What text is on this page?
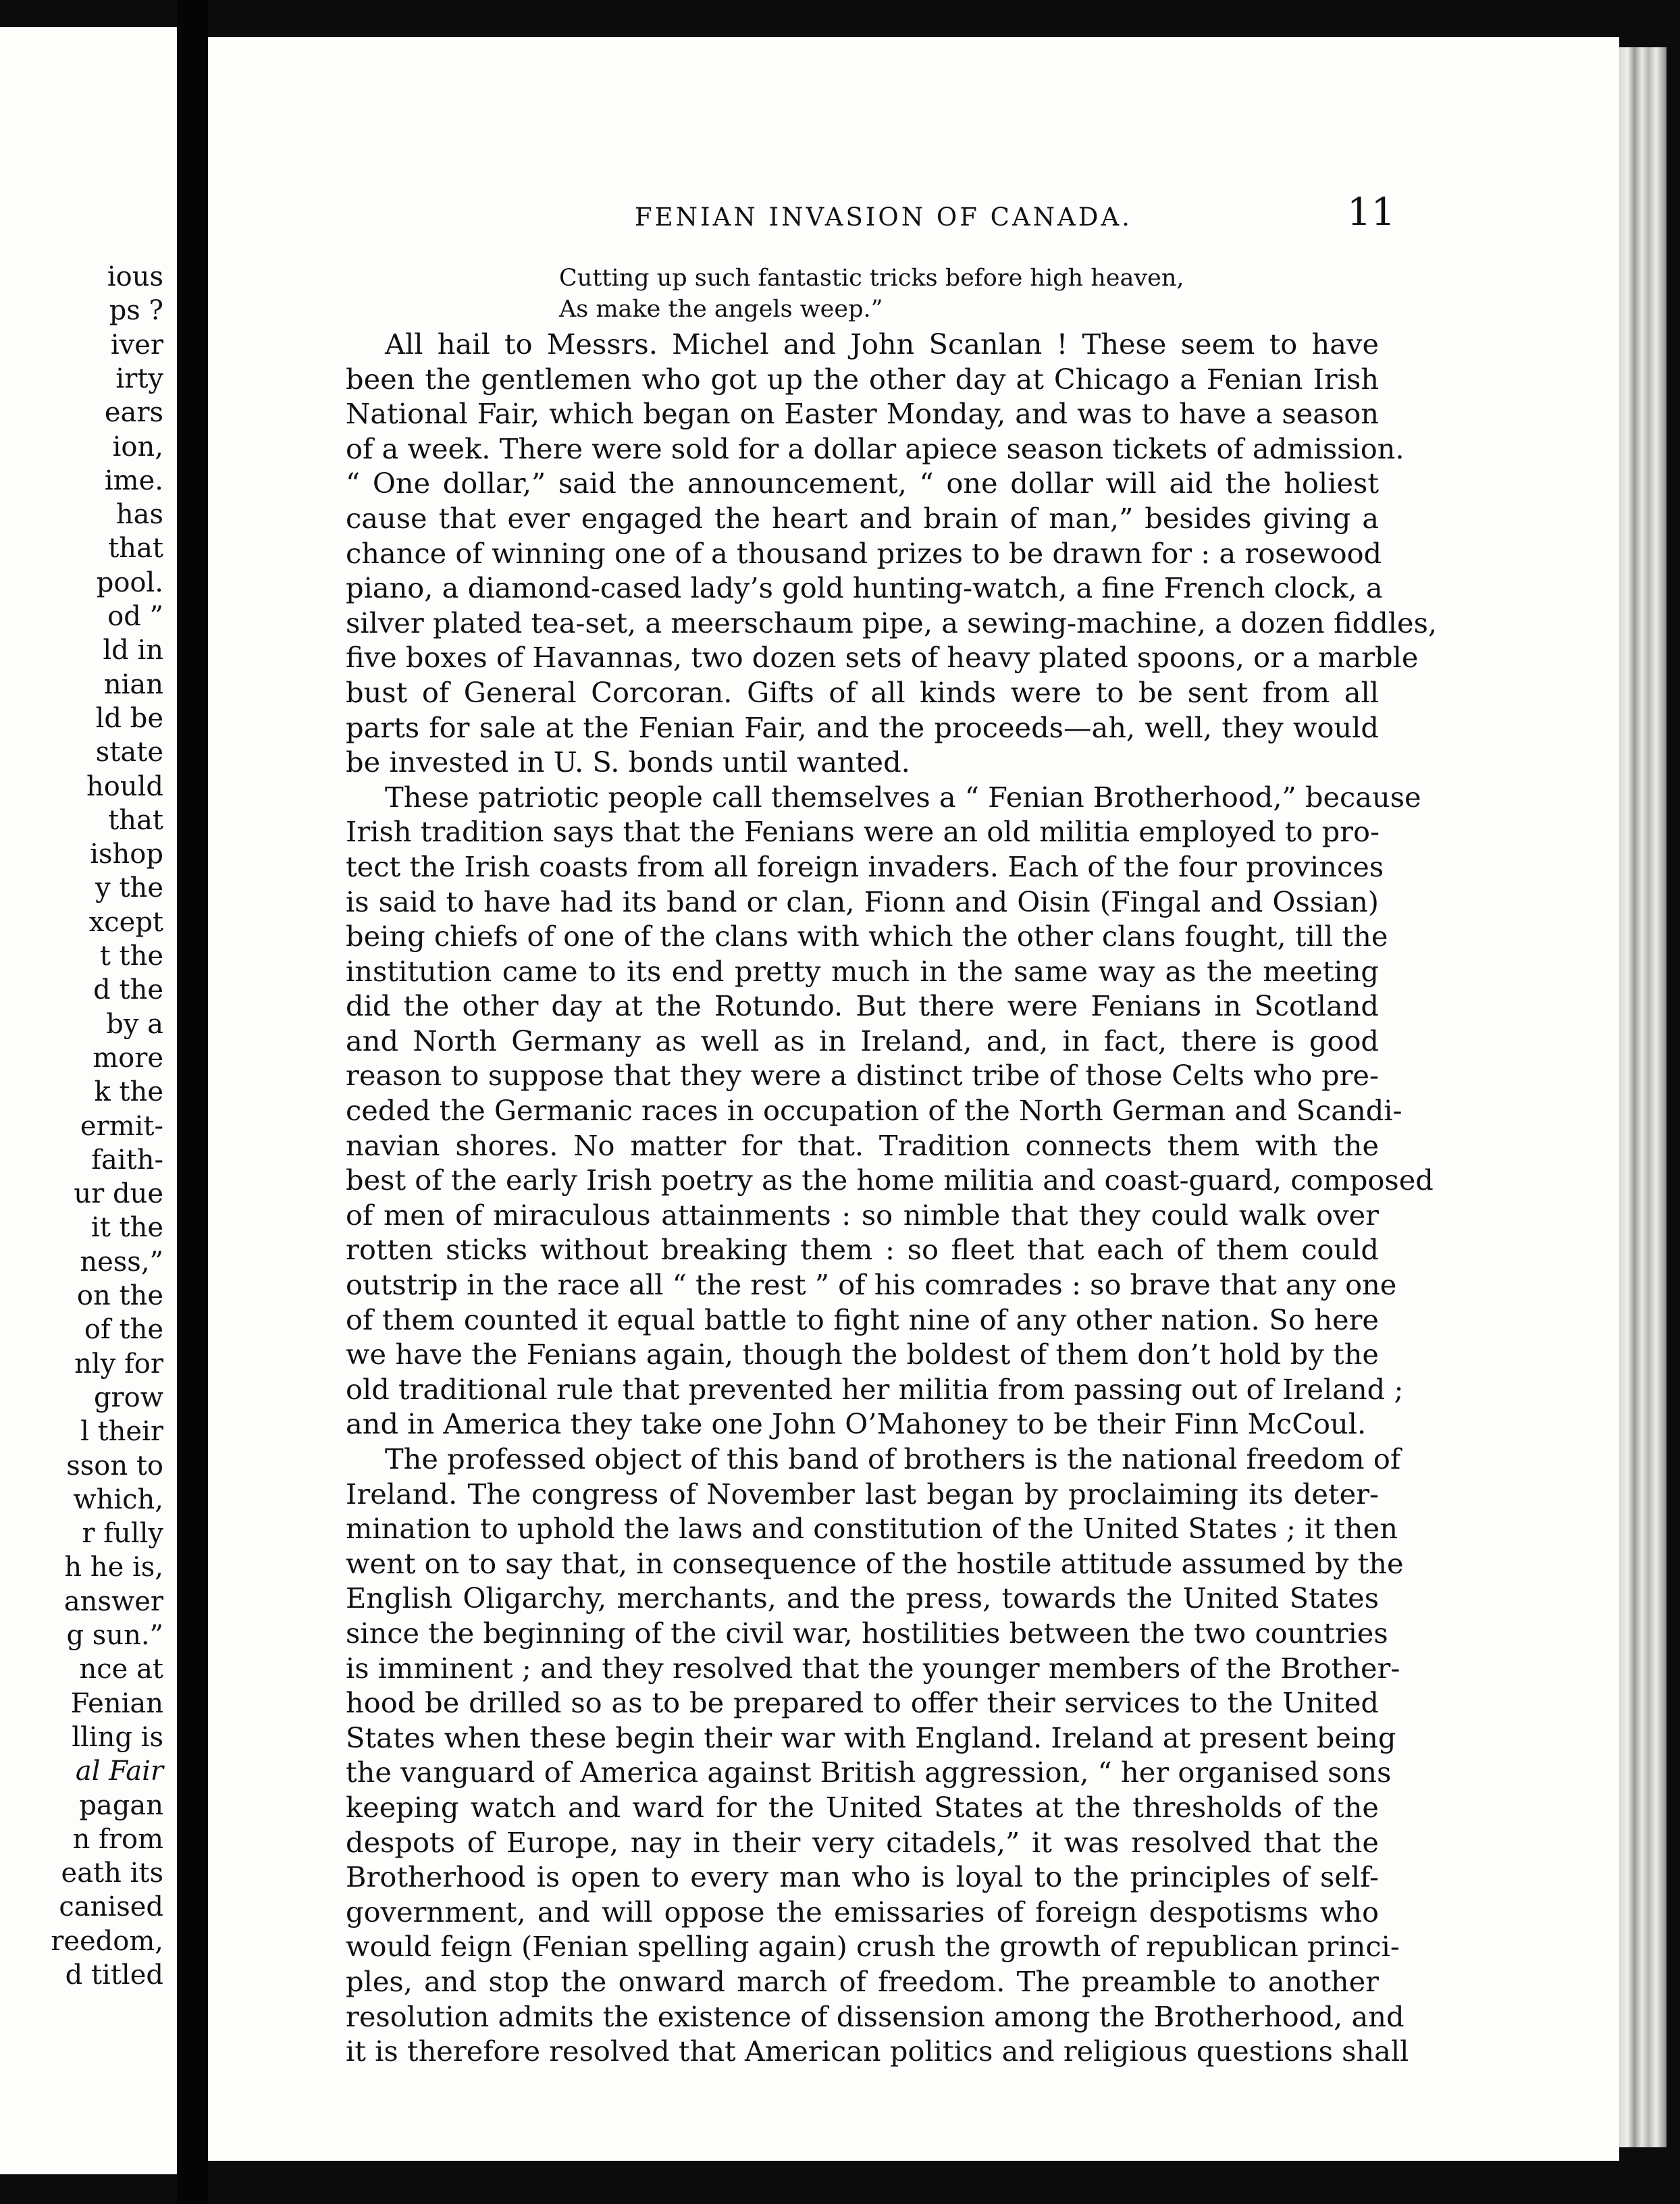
ious
ps ?
iver
irty
ears
ion,
ime.
has
that
pool.
od ”
ld in
nian
ld be
state
hould
that
ishop
y the
xcept
t the
d the
by a
more
k the
ermit-
faith-
ur due
it the
ness,”
on the
of the
nly for
grow
l their
sson to
which,
r fully
h he is,
answer
g sun.”
nce at
Fenian
lling is
al Fair
pagan
n from
eath its
canised
reedom,
d titled
FENIAN INVASION OF CANADA.	11
Cutting up such fantastic tricks before high heaven,
As make the angels weep.”
All hail to Messrs. Michel and John Scanlan ! These seem to have
been the gentlemen who got up the other day at Chicago a Fenian Irish
National Fair, which began on Easter Monday, and was to have a season
of a week. There were sold for a dollar apiece season tickets of admission.
“ One dollar,” said the announcement, “ one dollar will aid the holiest
cause that ever engaged the heart and brain of man,” besides giving a
chance of winning one of a thousand prizes to be drawn for : a rosewood
piano, a diamond-cased lady’s gold hunting-watch, a fine French clock, a
silver plated tea-set, a meerschaum pipe, a sewing-machine, a dozen fiddles,
five boxes of Havannas, two dozen sets of heavy plated spoons, or a marble
bust of General Corcoran. Gifts of all kinds were to be sent from all
parts for sale at the Fenian Fair, and the proceeds—ah, well, they would
be invested in U. S. bonds until wanted.
These patriotic people call themselves a “ Fenian Brotherhood,” because
Irish tradition says that the Fenians were an old militia employed to pro-
tect the Irish coasts from all foreign invaders. Each of the four provinces
is said to have had its band or clan, Fionn and Oisin (Fingal and Ossian)
being chiefs of one of the clans with which the other clans fought, till the
institution came to its end pretty much in the same way as the meeting
did the other day at the Rotundo. But there were Fenians in Scotland
and North Germany as well as in Ireland, and, in fact, there is good
reason to suppose that they were a distinct tribe of those Celts who pre-
ceded the Germanic races in occupation of the North German and Scandi-
navian shores. No matter for that. Tradition connects them with the
best of the early Irish poetry as the home militia and coast-guard, composed
of men of miraculous attainments : so nimble that they could walk over
rotten sticks without breaking them : so fleet that each of them could
outstrip in the race all “ the rest ” of his comrades : so brave that any one
of them counted it equal battle to fight nine of any other nation. So here
we have the Fenians again, though the boldest of them don’t hold by the
old traditional rule that prevented her militia from passing out of Ireland ;
and in America they take one John O’Mahoney to be their Finn McCoul.
The professed object of this band of brothers is the national freedom of
Ireland. The congress of November last began by proclaiming its deter-
mination to uphold the laws and constitution of the United States ; it then
went on to say that, in consequence of the hostile attitude assumed by the
English Oligarchy, merchants, and the press, towards the United States
since the beginning of the civil war, hostilities between the two countries
is imminent ; and they resolved that the younger members of the Brother-
hood be drilled so as to be prepared to offer their services to the United
States when these begin their war with England. Ireland at present being
the vanguard of America against British aggression, “ her organised sons
keeping watch and ward for the United States at the thresholds of the
despots of Europe, nay in their very citadels,” it was resolved that the
Brotherhood is open to every man who is loyal to the principles of self-
government, and will oppose the emissaries of foreign despotisms who
would feign (Fenian spelling again) crush the growth of republican princi-
ples, and stop the onward march of freedom. The preamble to another
resolution admits the existence of dissension among the Brotherhood, and
it is therefore resolved that American politics and religious questions shall
